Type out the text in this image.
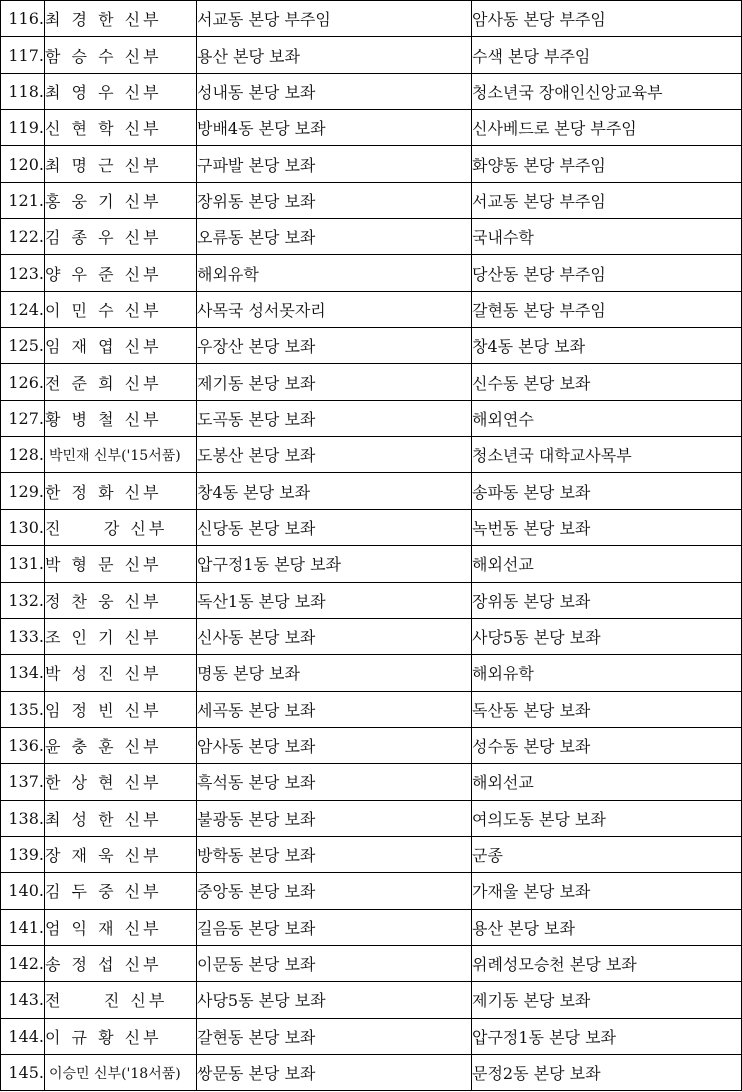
116.	최 경 한 신부	서교동 본당 부주임	암사동 본당 부주임
117.	함 승 수 신부	용산 본당 보좌	수색 본당 부주임
118.	최 영 우 신부	성내동 본당 보좌	청소년국 장애인신앙교육부
119.	신 현 학 신부	방배4동 본당 보좌	신사베드로 본당 부주임
120.	최 명 근 신부	구파발 본당 보좌	화양동 본당 부주임
121.	홍 웅 기 신부	장위동 본당 보좌	서교동 본당 부주임
122.	김 종 우 신부	오류동 본당 보좌	국내수학
123.	양 우 준 신부	해외유학	당산동 본당 부주임
124.	이 민 수 신부	사목국 성서못자리	갈현동 본당 부주임
125.	임 재 엽 신부	우장산 본당 보좌	창4동 본당 보좌
126.	전 준 희 신부	제기동 본당 보좌	신수동 본당 보좌
127.	황 병 철 신부	도곡동 본당 보좌	해외연수
128.	박민재 신부('15서품)	도봉산 본당 보좌	청소년국 대학교사목부
129.	한 정 화 신부	창4동 본당 보좌	송파동 본당 보좌
130.	진     강 신부	신당동 본당 보좌	녹번동 본당 보좌
131.	박 형 문 신부	압구정1동 본당 보좌	해외선교
132.	정 찬 웅 신부	독산1동 본당 보좌	장위동 본당 보좌
133.	조 인 기 신부	신사동 본당 보좌	사당5동 본당 보좌
134.	박 성 진 신부	명동 본당 보좌	해외유학
135.	임 정 빈 신부	세곡동 본당 보좌	독산동 본당 보좌
136.	윤 충 훈 신부	암사동 본당 보좌	성수동 본당 보좌
137.	한 상 현 신부	흑석동 본당 보좌	해외선교
138.	최 성 한 신부	불광동 본당 보좌	여의도동 본당 보좌
139.	장 재 욱 신부	방학동 본당 보좌	군종
140.	김 두 중 신부	중앙동 본당 보좌	가재울 본당 보좌
141.	엄 익 재 신부	길음동 본당 보좌	용산 본당 보좌
142.	송 정 섭 신부	이문동 본당 보좌	위례성모승천 본당 보좌
143.	전     진 신부	사당5동 본당 보좌	제기동 본당 보좌
144.	이 규 황 신부	갈현동 본당 보좌	압구정1동 본당 보좌
145.	이승민 신부('18서품)	쌍문동 본당 보좌	문정2동 본당 보좌
